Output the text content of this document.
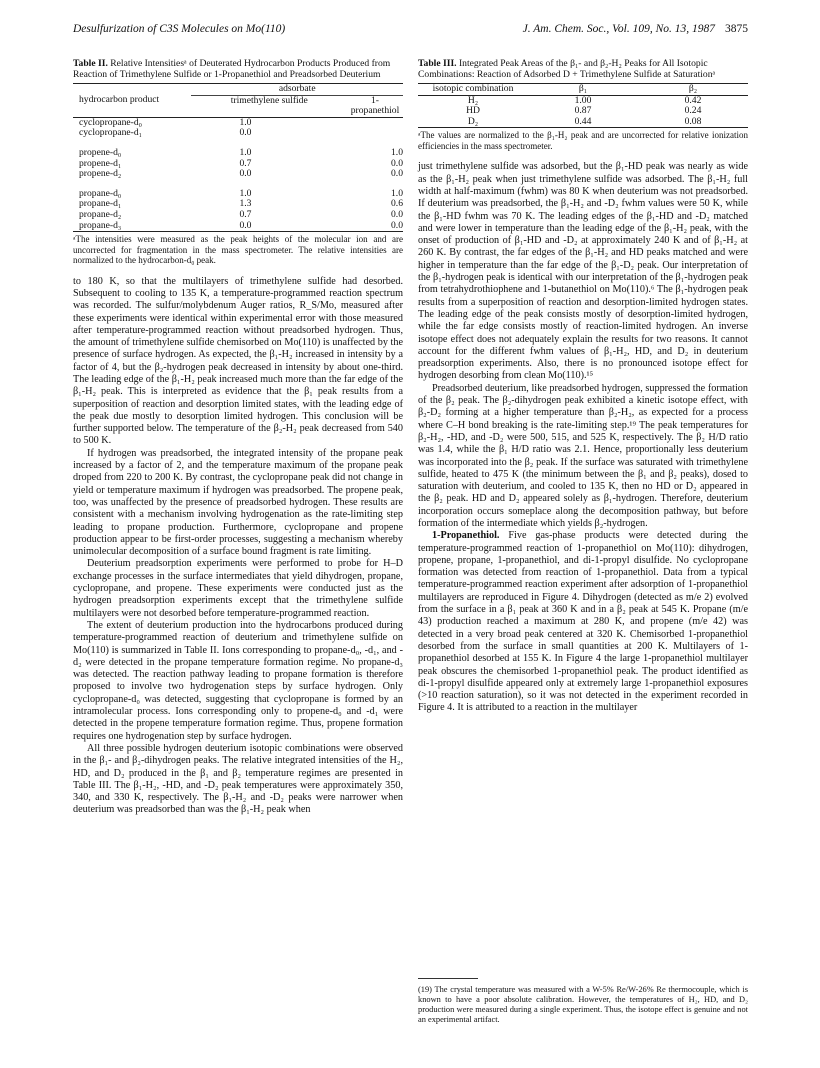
Desulfurization of C3S Molecules on Mo(110)	J. Am. Chem. Soc., Vol. 109, No. 13, 1987 3875
Table II. Relative Intensitiesᵃ of Deuterated Hydrocarbon Products Produced from Reaction of Trimethylene Sulfide or 1-Propanethiol and Preadsorbed Deuterium
	adsorbate	
hydrocarbon product	trimethylene sulfide	1-propanethiol
cyclopropane-d₀	1.0	
cyclopropane-d₁	0.0	

propene-d₀	1.0	1.0
propene-d₁	0.7	0.0
propene-d₂	0.0	0.0

propane-d₀	1.0	1.0
propane-d₁	1.3	0.6
propane-d₂	0.7	0.0
propane-d₃	0.0	0.0
ᵃThe intensities were measured as the peak heights of the molecular ion and are uncorrected for fragmentation in the mass spectrometer. The relative intensities are normalized to the hydrocarbon-d₀ peak.

to 180 K, so that the multilayers of trimethylene sulfide had desorbed. Subsequent to cooling to 135 K, a temperature-programmed reaction spectrum was recorded. The sulfur/molybdenum Auger ratios, R_S/Mo, measured after these experiments were identical within experimental error with those measured after temperature-programmed reaction without preadsorbed hydrogen. Thus, the amount of trimethylene sulfide chemisorbed on Mo(110) is unaffected by the presence of surface hydrogen. As expected, the β₁-H₂ increased in intensity by a factor of 4, but the β₂-hydrogen peak decreased in intensity by about one-third. The leading edge of the β₁-H₂ peak increased much more than the far edge of the β₁-H₂ peak. This is interpreted as evidence that the β₁ peak results from a superposition of reaction and desorption limited states, with the leading edge of the peak due mostly to desorption limited hydrogen. This conclusion will be further supported below. The temperature of the β₂-H₂ peak decreased from 540 to 500 K.

If hydrogen was preadsorbed, the integrated intensity of the propane peak increased by a factor of 2, and the temperature maximum of the propane peak droped from 220 to 200 K. By contrast, the cyclopropane peak did not change in yield or temperature maximum if hydrogen was preadsorbed. The propene peak, too, was unaffected by the presence of preadsorbed hydrogen. These results are consistent with a mechanism involving hydrogenation as the rate-limiting step leading to propane production. Furthermore, cyclopropane and propene production appear to be first-order processes, suggesting a mechanism whereby unimolecular decomposition of a surface bound fragment is rate limiting.

Deuterium preadsorption experiments were performed to probe for H–D exchange processes in the surface intermediates that yield dihydrogen, propane, cyclopropane, and propene. These experiments were conducted just as the hydrogen preadsorption experiments except that the trimethylene sulfide multilayers were not desorbed before temperature-programmed reaction.

The extent of deuterium production into the hydrocarbons produced during temperature-programmed reaction of deuterium and trimethylene sulfide on Mo(110) is summarized in Table II. Ions corresponding to propane-d₀, -d₁, and -d₂ were detected in the propane temperature formation regime. No propane-d₃ was detected. The reaction pathway leading to propane formation is therefore proposed to involve two hydrogenation steps by surface hydrogen. Only cyclopropane-d₀ was detected, suggesting that cyclopropane is formed by an intramolecular process. Ions corresponding only to propene-d₀ and -d₁ were detected in the propene temperature formation regime. Thus, propene formation requires one hydrogenation step by surface hydrogen.

All three possible hydrogen deuterium isotopic combinations were observed in the β₁- and β₂-dihydrogen peaks. The relative integrated intensities of the H₂, HD, and D₂ produced in the β₁ and β₂ temperature regimes are presented in Table III. The β₁-H₂, -HD, and -D₂ peak temperatures were approximately 350, 340, and 330 K, respectively. The β₁-H₂ and -D₂ peaks were narrower when deuterium was preadsorbed than was the β₁-H₂ peak when

Table III. Integrated Peak Areas of the β₁- and β₂-H₂ Peaks for All Isotopic Combinations: Reaction of Adsorbed D + Trimethylene Sulfide at Saturationᵃ
isotopic combination	β₁	β₂
H₂	1.00	0.42
HD	0.87	0.24
D₂	0.44	0.08
ᵃThe values are normalized to the β₁-H₂ peak and are uncorrected for relative ionization efficiencies in the mass spectrometer.

just trimethylene sulfide was adsorbed, but the β₁-HD peak was nearly as wide as the β₁-H₂ peak when just trimethylene sulfide was adsorbed. The β₁-H₂ full width at half-maximum (fwhm) was 80 K when deuterium was not preadsorbed. If deuterium was preadsorbed, the β₁-H₂ and -D₂ fwhm values were 50 K, while the β₁-HD fwhm was 70 K. The leading edges of the β₁-HD and -D₂ matched and were lower in temperature than the leading edge of the β₁-H₂ peak, with the onset of production of β₁-HD and -D₂ at approximately 240 K and of β₁-H₂ at 260 K. By contrast, the far edges of the β₁-H₂ and HD peaks matched and were higher in temperature than the far edge of the β₁-D₂ peak. Our interpretation of the β₁-hydrogen peak is identical with our interpretation of the β₁-hydrogen peak from tetrahydrothiophene and 1-butanethiol on Mo(110).⁶ The β₁-hydrogen peak results from a superposition of reaction and desorption-limited hydrogen states. The leading edge of the peak consists mostly of desorption-limited hydrogen, while the far edge consists mostly of reaction-limited hydrogen. An inverse isotope effect does not adequately explain the results for two reasons. It cannot account for the different fwhm values of β₁-H₂, HD, and D₂ in deuterium preadsorption experiments. Also, there is no pronounced isotope effect for hydrogen desorbing from clean Mo(110).¹⁵

Preadsorbed deuterium, like preadsorbed hydrogen, suppressed the formation of the β₂ peak. The β₂-dihydrogen peak exhibited a kinetic isotope effect, with β₂-D₂ forming at a higher temperature than β₂-H₂, as expected for a process where C–H bond breaking is the rate-limiting step.¹⁹ The peak temperatures for β₂-H₂, -HD, and -D₂ were 500, 515, and 525 K, respectively. The β₂ H/D ratio was 1.4, while the β₁ H/D ratio was 2.1. Hence, proportionally less deuterium was incorporated into the β₂ peak. If the surface was saturated with trimethylene sulfide, heated to 475 K (the minimum between the β₁ and β₂ peaks), dosed to saturation with deuterium, and cooled to 135 K, then no HD or D₂ appeared in the β₂ peak. HD and D₂ appeared solely as β₁-hydrogen. Therefore, deuterium incorporation occurs someplace along the decomposition pathway, but before formation of the intermediate which yields β₂-hydrogen.

1-Propanethiol. Five gas-phase products were detected during the temperature-programmed reaction of 1-propanethiol on Mo(110): dihydrogen, propene, propane, 1-propanethiol, and di-1-propyl disulfide. No cyclopropane formation was detected from reaction of 1-propanethiol. Data from a typical temperature-programmed reaction experiment after adsorption of 1-propanethiol multilayers are reproduced in Figure 4. Dihydrogen (detected as m/e 2) evolved from the surface in a β₁ peak at 360 K and in a β₂ peak at 545 K. Propane (m/e 43) production reached a maximum at 280 K, and propene (m/e 42) was detected in a very broad peak centered at 320 K. Chemisorbed 1-propanethiol desorbed from the surface in small quantities at 200 K. Multilayers of 1-propanethiol desorbed at 155 K. In Figure 4 the large 1-propanethiol multilayer peak obscures the chemisorbed 1-propanethiol peak. The product identified as di-1-propyl disulfide appeared only at extremely large 1-propanethiol exposures (>10 reaction saturation), so it was not detected in the experiment recorded in Figure 4. It is attributed to a reaction in the multilayer

(19) The crystal temperature was measured with a W-5% Re/W-26% Re thermocouple, which is known to have a poor absolute calibration. However, the temperatures of H₂, HD, and D₂ production were measured during a single experiment. Thus, the isotope effect is genuine and not an experimental artifact.
